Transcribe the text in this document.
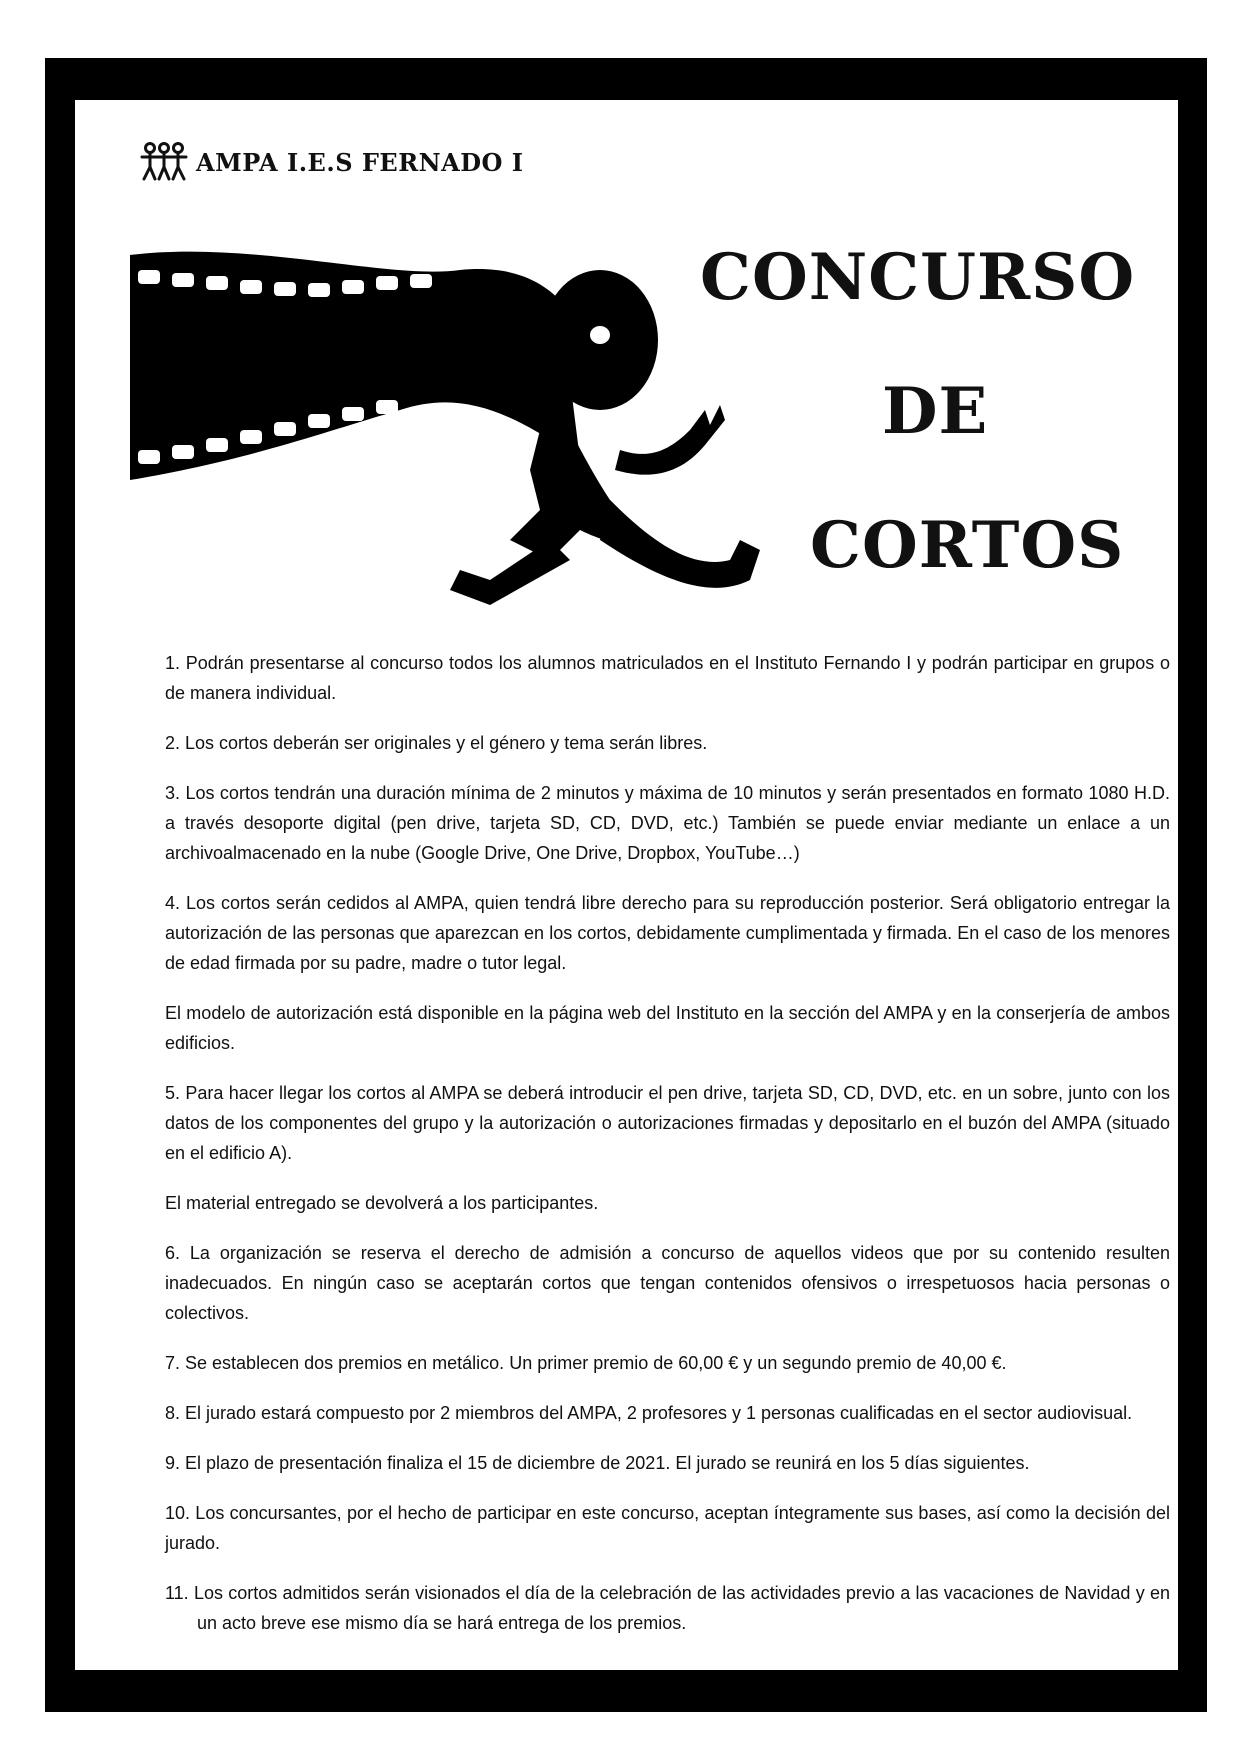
AMPA I.E.S FERNADO I
CONCURSO
DE
CORTOS

1. Podrán presentarse al concurso todos los alumnos matriculados en el Instituto Fernando I y podrán participar en grupos o de manera individual.

2. Los cortos deberán ser originales y el género y tema serán libres.

3. Los cortos tendrán una duración mínima de 2 minutos y máxima de 10 minutos y serán presentados en formato 1080 H.D. a través desoporte digital (pen drive, tarjeta SD, CD, DVD, etc.) También se puede enviar mediante un enlace a un archivoalmacenado en la nube (Google Drive, One Drive, Dropbox, YouTube…)

4. Los cortos serán cedidos al AMPA, quien tendrá libre derecho para su reproducción posterior. Será obligatorio entregar la autorización de las personas que aparezcan en los cortos, debidamente cumplimentada y firmada. En el caso de los menores de edad firmada por su padre, madre o tutor legal.

El modelo de autorización está disponible en la página web del Instituto en la sección del AMPA y en la conserjería de ambos edificios.

5. Para hacer llegar los cortos al AMPA se deberá introducir el pen drive, tarjeta SD, CD, DVD, etc. en un sobre, junto con los datos de los componentes del grupo y la autorización o autorizaciones firmadas y depositarlo en el buzón del AMPA (situado en el edificio A).

El material entregado se devolverá a los participantes.

6. La organización se reserva el derecho de admisión a concurso de aquellos videos que por su contenido resulten inadecuados. En ningún caso se aceptarán cortos que tengan contenidos ofensivos o irrespetuosos hacia personas o colectivos.

7. Se establecen dos premios en metálico. Un primer premio de 60,00 € y un segundo premio de 40,00 €.

8. El jurado estará compuesto por 2 miembros del AMPA, 2 profesores y 1 personas cualificadas en el sector audiovisual.

9. El plazo de presentación finaliza el 15 de diciembre de 2021. El jurado se reunirá en los 5 días siguientes.

10. Los concursantes, por el hecho de participar en este concurso, aceptan íntegramente sus bases, así como la decisión del jurado.

11. Los cortos admitidos serán visionados el día de la celebración de las actividades previo a las vacaciones de Navidad y en un acto breve ese mismo día se hará entrega de los premios.
